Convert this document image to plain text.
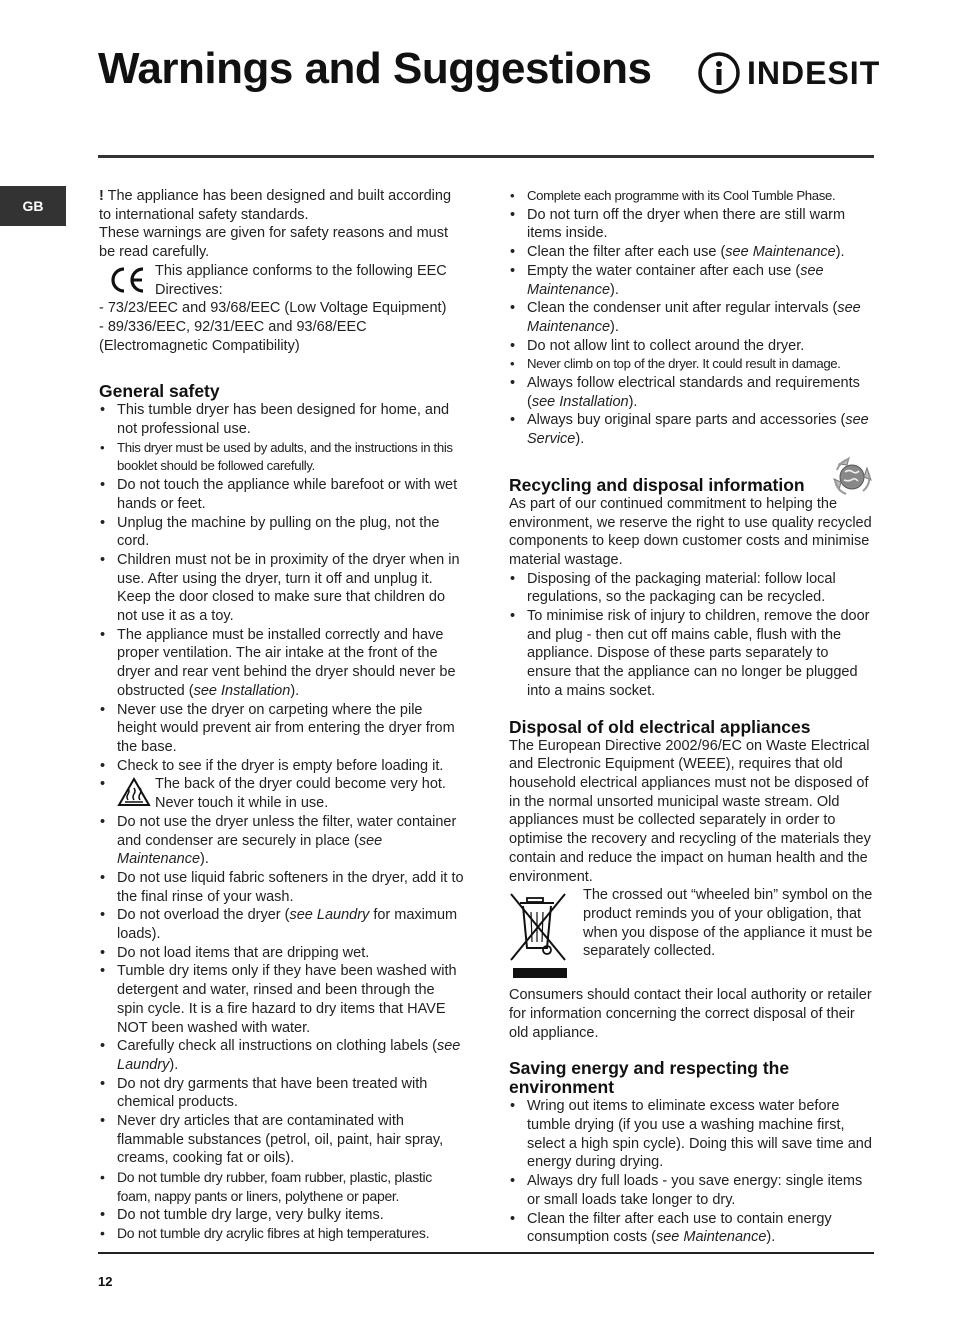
Warnings and Suggestions	INDESIT
GB

! The appliance has been designed and built according to international safety standards.

These warnings are given for safety reasons and must be read carefully.

This appliance conforms to the following EEC Directives:

- 73/23/EEC and 93/68/EEC (Low Voltage Equipment)

- 89/336/EEC, 92/31/EEC and 93/68/EEC (Electromagnetic Compatibility)

General safety
• This tumble dryer has been designed for home, and not professional use.
• This dryer must be used by adults, and the instructions in this booklet should be followed carefully.
• Do not touch the appliance while barefoot or with wet hands or feet.
• Unplug the machine by pulling on the plug, not the cord.
• Children must not be in proximity of the dryer when in use. After using the dryer, turn it off and unplug it. Keep the door closed to make sure that children do not use it as a toy.
• The appliance must be installed correctly and have proper ventilation. The air intake at the front of the dryer and rear vent behind the dryer should never be obstructed (see Installation).
• Never use the dryer on carpeting where the pile height would prevent air from entering the dryer from the base.
• Check to see if the dryer is empty before loading it.
• The back of the dryer could become very hot. Never touch it while in use.
• Do not use the dryer unless the filter, water container and condenser are securely in place (see Maintenance).
• Do not use liquid fabric softeners in the dryer, add it to the final rinse of your wash.
• Do not overload the dryer (see Laundry for maximum loads).
• Do not load items that are dripping wet.
• Tumble dry items only if they have been washed with detergent and water, rinsed and been through the spin cycle. It is a fire hazard to dry items that HAVE NOT been washed with water.
• Carefully check all instructions on clothing labels (see Laundry).
• Do not dry garments that have been treated with chemical products.
• Never dry articles that are contaminated with flammable substances (petrol, oil, paint, hair spray, creams, cooking fat or oils).
• Do not tumble dry rubber, foam rubber, plastic, plastic foam, nappy pants or liners, polythene or paper.
• Do not tumble dry large, very bulky items.
• Do not tumble dry acrylic fibres at high temperatures.
• Complete each programme with its Cool Tumble Phase.
• Do not turn off the dryer when there are still warm items inside.
• Clean the filter after each use (see Maintenance).
• Empty the water container after each use (see Maintenance).
• Clean the condenser unit after regular intervals (see Maintenance).
• Do not allow lint to collect around the dryer.
• Never climb on top of the dryer. It could result in damage.
• Always follow electrical standards and requirements (see Installation).
• Always buy original spare parts and accessories (see Service).
Recycling and disposal information

As part of our continued commitment to helping the environment, we reserve the right to use quality recycled components to keep down customer costs and minimise material wastage.

• Disposing of the packaging material: follow local regulations, so the packaging can be recycled.
• To minimise risk of injury to children, remove the door and plug - then cut off mains cable, flush with the appliance. Dispose of these parts separately to ensure that the appliance can no longer be plugged into a mains socket.
Disposal of old electrical appliances

The European Directive 2002/96/EC on Waste Electrical and Electronic Equipment (WEEE), requires that old household electrical appliances must not be disposed of in the normal unsorted municipal waste stream. Old appliances must be collected separately in order to optimise the recovery and recycling of the materials they contain and reduce the impact on human health and the environment.

The crossed out “wheeled bin” symbol on the product reminds you of your obligation, that when you dispose of the appliance it must be separately collected.

Consumers should contact their local authority or retailer for information concerning the correct disposal of their old appliance.

Saving energy and respecting the environment
• Wring out items to eliminate excess water before tumble drying (if you use a washing machine first, select a high spin cycle). Doing this will save time and energy during drying.
• Always dry full loads - you save energy: single items or small loads take longer to dry.
• Clean the filter after each use to contain energy consumption costs (see Maintenance).
12
